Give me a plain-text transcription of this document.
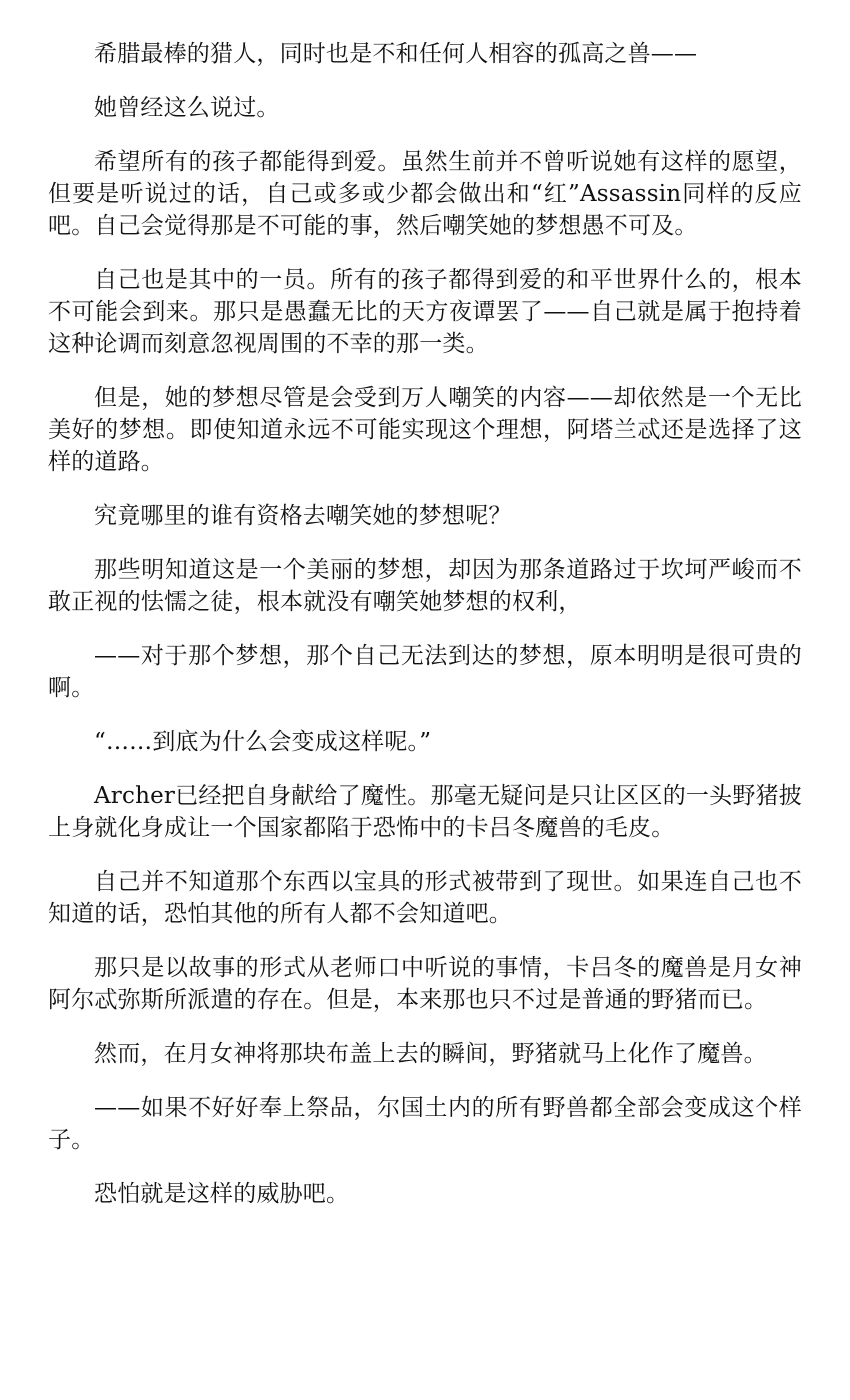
希腊最棒的猎人，同时也是不和任何人相容的孤高之兽——

她曾经这么说过。

希望所有的孩子都能得到爱。虽然生前并不曾听说她有这样的愿望，但要是听说过的话，自己或多或少都会做出和“红”Assassin同样的反应吧。自己会觉得那是不可能的事，然后嘲笑她的梦想愚不可及。

自己也是其中的一员。所有的孩子都得到爱的和平世界什么的，根本不可能会到来。那只是愚蠢无比的天方夜谭罢了——自己就是属于抱持着这种论调而刻意忽视周围的不幸的那一类。

但是，她的梦想尽管是会受到万人嘲笑的内容——却依然是一个无比美好的梦想。即使知道永远不可能实现这个理想，阿塔兰忒还是选择了这样的道路。

究竟哪里的谁有资格去嘲笑她的梦想呢？

那些明知道这是一个美丽的梦想，却因为那条道路过于坎坷严峻而不敢正视的怯懦之徒，根本就没有嘲笑她梦想的权利，

——对于那个梦想，那个自己无法到达的梦想，原本明明是很可贵的啊。

“……到底为什么会变成这样呢。”

Archer已经把自身献给了魔性。那毫无疑问是只让区区的一头野猪披上身就化身成让一个国家都陷于恐怖中的卡吕冬魔兽的毛皮。

自己并不知道那个东西以宝具的形式被带到了现世。如果连自己也不知道的话，恐怕其他的所有人都不会知道吧。

那只是以故事的形式从老师口中听说的事情，卡吕冬的魔兽是月女神阿尔忒弥斯所派遣的存在。但是，本来那也只不过是普通的野猪而已。

然而，在月女神将那块布盖上去的瞬间，野猪就马上化作了魔兽。

——如果不好好奉上祭品，尔国土内的所有野兽都全部会变成这个样子。

恐怕就是这样的威胁吧。
